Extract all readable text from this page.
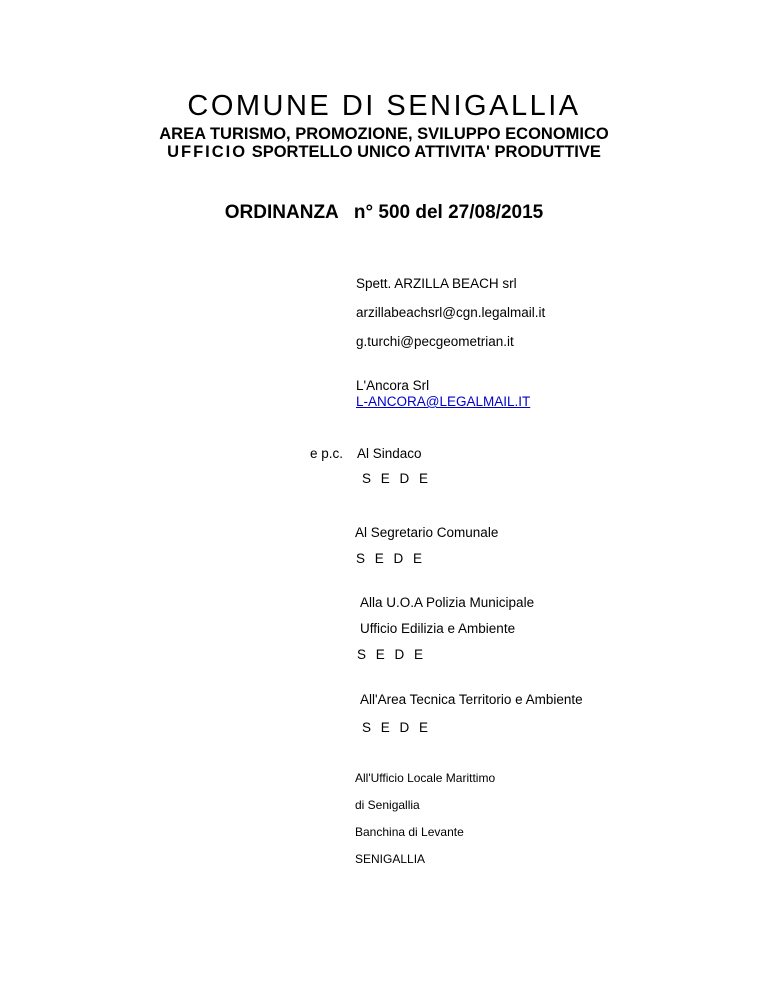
COMUNE DI SENIGALLIA
AREA TURISMO, PROMOZIONE, SVILUPPO ECONOMICO
UFFICIO SPORTELLO UNICO ATTIVITA' PRODUTTIVE
ORDINANZA n° 500 del 27/08/2015
Spett. ARZILLA BEACH srl
arzillabeachsrl@cgn.legalmail.it
g.turchi@pecgeometrian.it
L'Ancora Srl
L-ANCORA@LEGALMAIL.IT
e p.c. Al Sindaco
S E D E
Al Segretario Comunale
S E D E
Alla U.O.A Polizia Municipale
Ufficio Edilizia e Ambiente
S E D E
All'Area Tecnica Territorio e Ambiente
S E D E
All'Ufficio Locale Marittimo
di Senigallia
Banchina di Levante
SENIGALLIA
